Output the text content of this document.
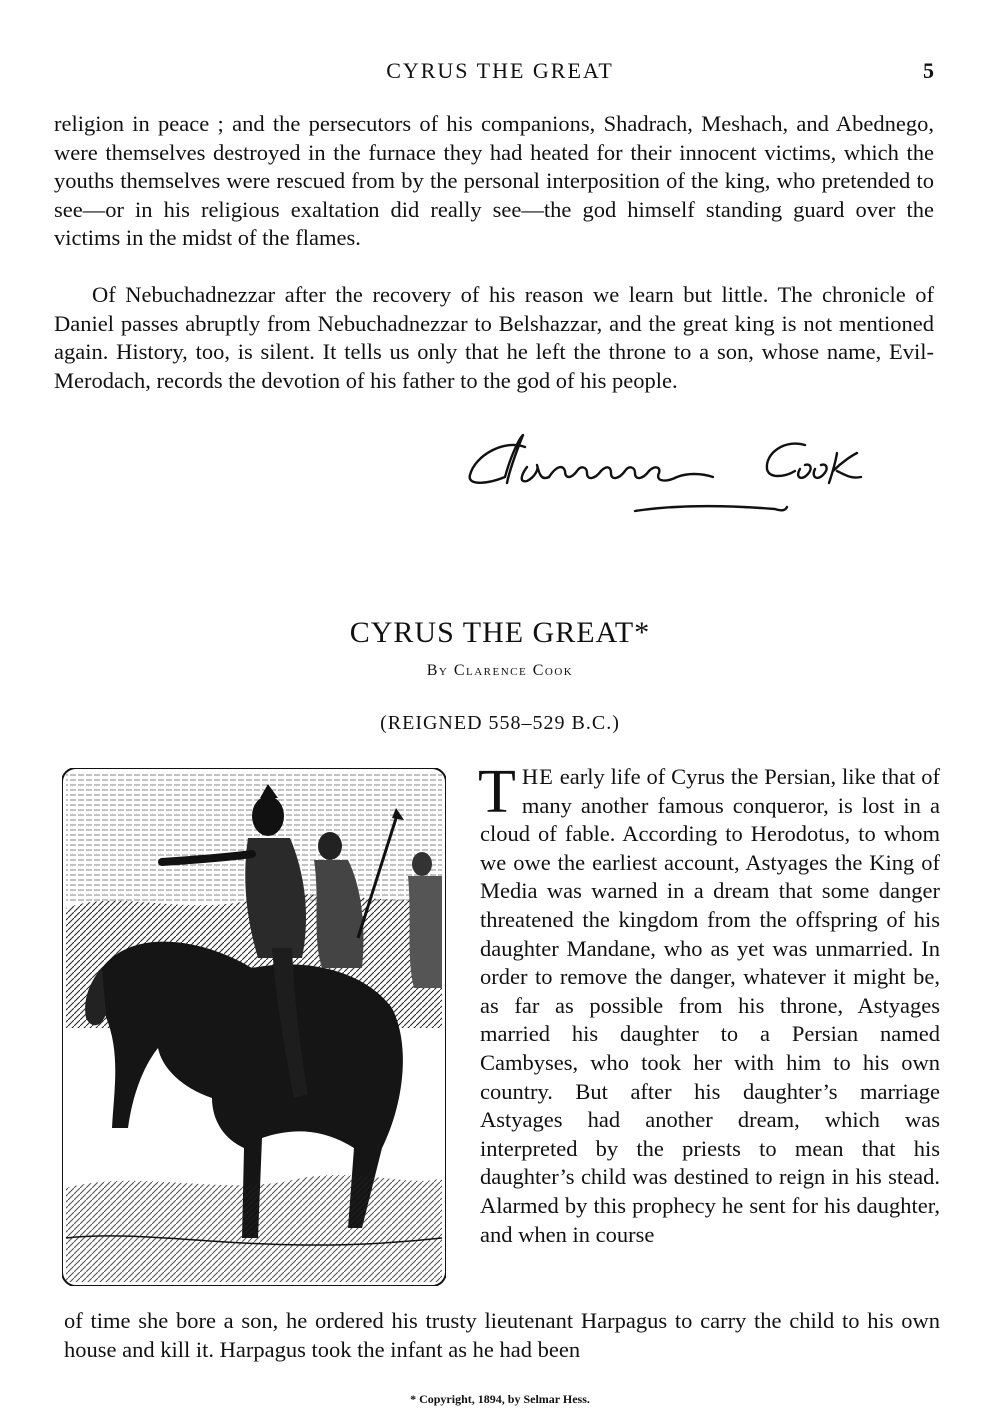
CYRUS THE GREAT	5

religion in peace ; and the persecutors of his companions, Shadrach, Meshach, and Abednego, were themselves destroyed in the furnace they had heated for their innocent victims, which the youths themselves were rescued from by the personal interposition of the king, who pretended to see—or in his religious exaltation did really see—the god himself standing guard over the victims in the midst of the flames.

Of Nebuchadnezzar after the recovery of his reason we learn but little. The chronicle of Daniel passes abruptly from Nebuchadnezzar to Belshazzar, and the great king is not mentioned again. History, too, is silent. It tells us only that he left the throne to a son, whose name, Evil-Merodach, records the devotion of his father to the god of his people.

CYRUS THE GREAT*
By Clarence Cook
(REIGNED 558–529 B.C.)

THE early life of Cyrus the Persian, like that of many another famous conqueror, is lost in a cloud of fable. According to Herodotus, to whom we owe the earliest account, Astyages the King of Media was warned in a dream that some danger threatened the kingdom from the offspring of his daughter Mandane, who as yet was unmarried. In order to remove the danger, whatever it might be, as far as possible from his throne, Astyages married his daughter to a Persian named Cambyses, who took her with him to his own country. But after his daughter’s marriage Astyages had another dream, which was interpreted by the priests to mean that his daughter’s child was destined to reign in his stead. Alarmed by this prophecy he sent for his daughter, and when in course

of time she bore a son, he ordered his trusty lieutenant Harpagus to carry the child to his own house and kill it. Harpagus took the infant as he had been

* Copyright, 1894, by Selmar Hess.
